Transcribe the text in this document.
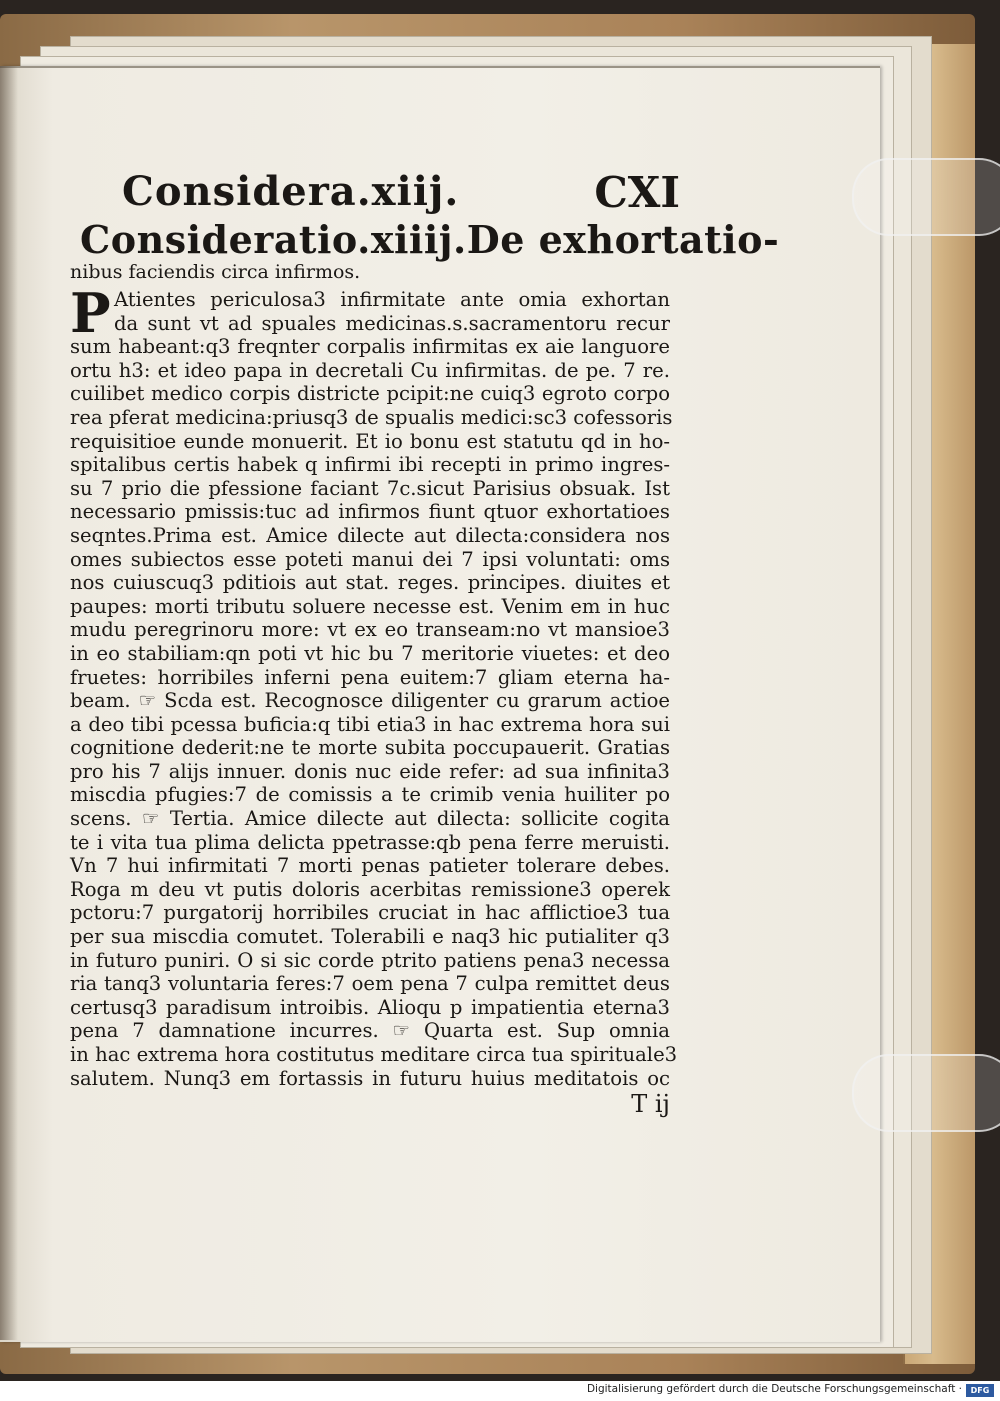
Considera.xiij.	CXI
Consideratio.xiiij.De exhortatio-
nibus faciendis circa infirmos.
P Atientes periculosa3 infirmitate ante omia exhortan
da sunt vt ad spuales medicinas.s.sacramentoru recur
sum habeant:q3 freqnter corpalis infirmitas ex aie languore
ortu h3: et ideo papa in decretali Cu infirmitas. de pe. 7 re.
cuilibet medico corpis districte pcipit:ne cuiq3 egroto corpo
rea pferat medicina:priusq3 de spualis medici:sc3 cofessoris
requisitioe eunde monuerit. Et io bonu est statutu qd in ho-
spitalibus certis habek q infirmi ibi recepti in primo ingres-
su 7 prio die pfessione faciant 7c.sicut Parisius obsuak. Ist
necessario pmissis:tuc ad infirmos fiunt qtuor exhortatioes
seqntes.Prima est. Amice dilecte aut dilecta:considera nos
omes subiectos esse poteti manui dei 7 ipsi voluntati: oms
nos cuiuscuq3 pditiois aut stat. reges. principes. diuites et
paupes: morti tributu soluere necesse est. Venim em in huc
mudu peregrinoru more: vt ex eo transeam:no vt mansioe3
in eo stabiliam:qn poti vt hic bu 7 meritorie viuetes: et deo
fruetes: horribiles inferni pena euitem:7 gliam eterna ha-
beam. ☞ Scda est. Recognosce diligenter cu grarum actioe
a deo tibi pcessa buficia:q tibi etia3 in hac extrema hora sui
cognitione dederit:ne te morte subita poccupauerit. Gratias
pro his 7 alijs innuer. donis nuc eide refer: ad sua infinita3
miscdia pfugies:7 de comissis a te crimib venia huiliter po
scens. ☞ Tertia. Amice dilecte aut dilecta: sollicite cogita
te i vita tua plima delicta ppetrasse:qb pena ferre meruisti.
Vn 7 hui infirmitati 7 morti penas patieter tolerare debes.
Roga m deu vt putis doloris acerbitas remissione3 operek
pctoru:7 purgatorij horribiles cruciat in hac afflictioe3 tua
per sua miscdia comutet. Tolerabili e naq3 hic putialiter q3
in futuro puniri. O si sic corde ptrito patiens pena3 necessa
ria tanq3 voluntaria feres:7 oem pena 7 culpa remittet deus
certusq3 paradisum introibis. Alioqu p impatientia eterna3
pena 7 damnatione incurres. ☞ Quarta est. Sup omnia
in hac extrema hora costitutus meditare circa tua spirituale3
salutem. Nunq3 em fortassis in futuru huius meditatois oc
T ij
Digitalisierung gefördert durch die Deutsche Forschungsgemeinschaft ·	DFG
